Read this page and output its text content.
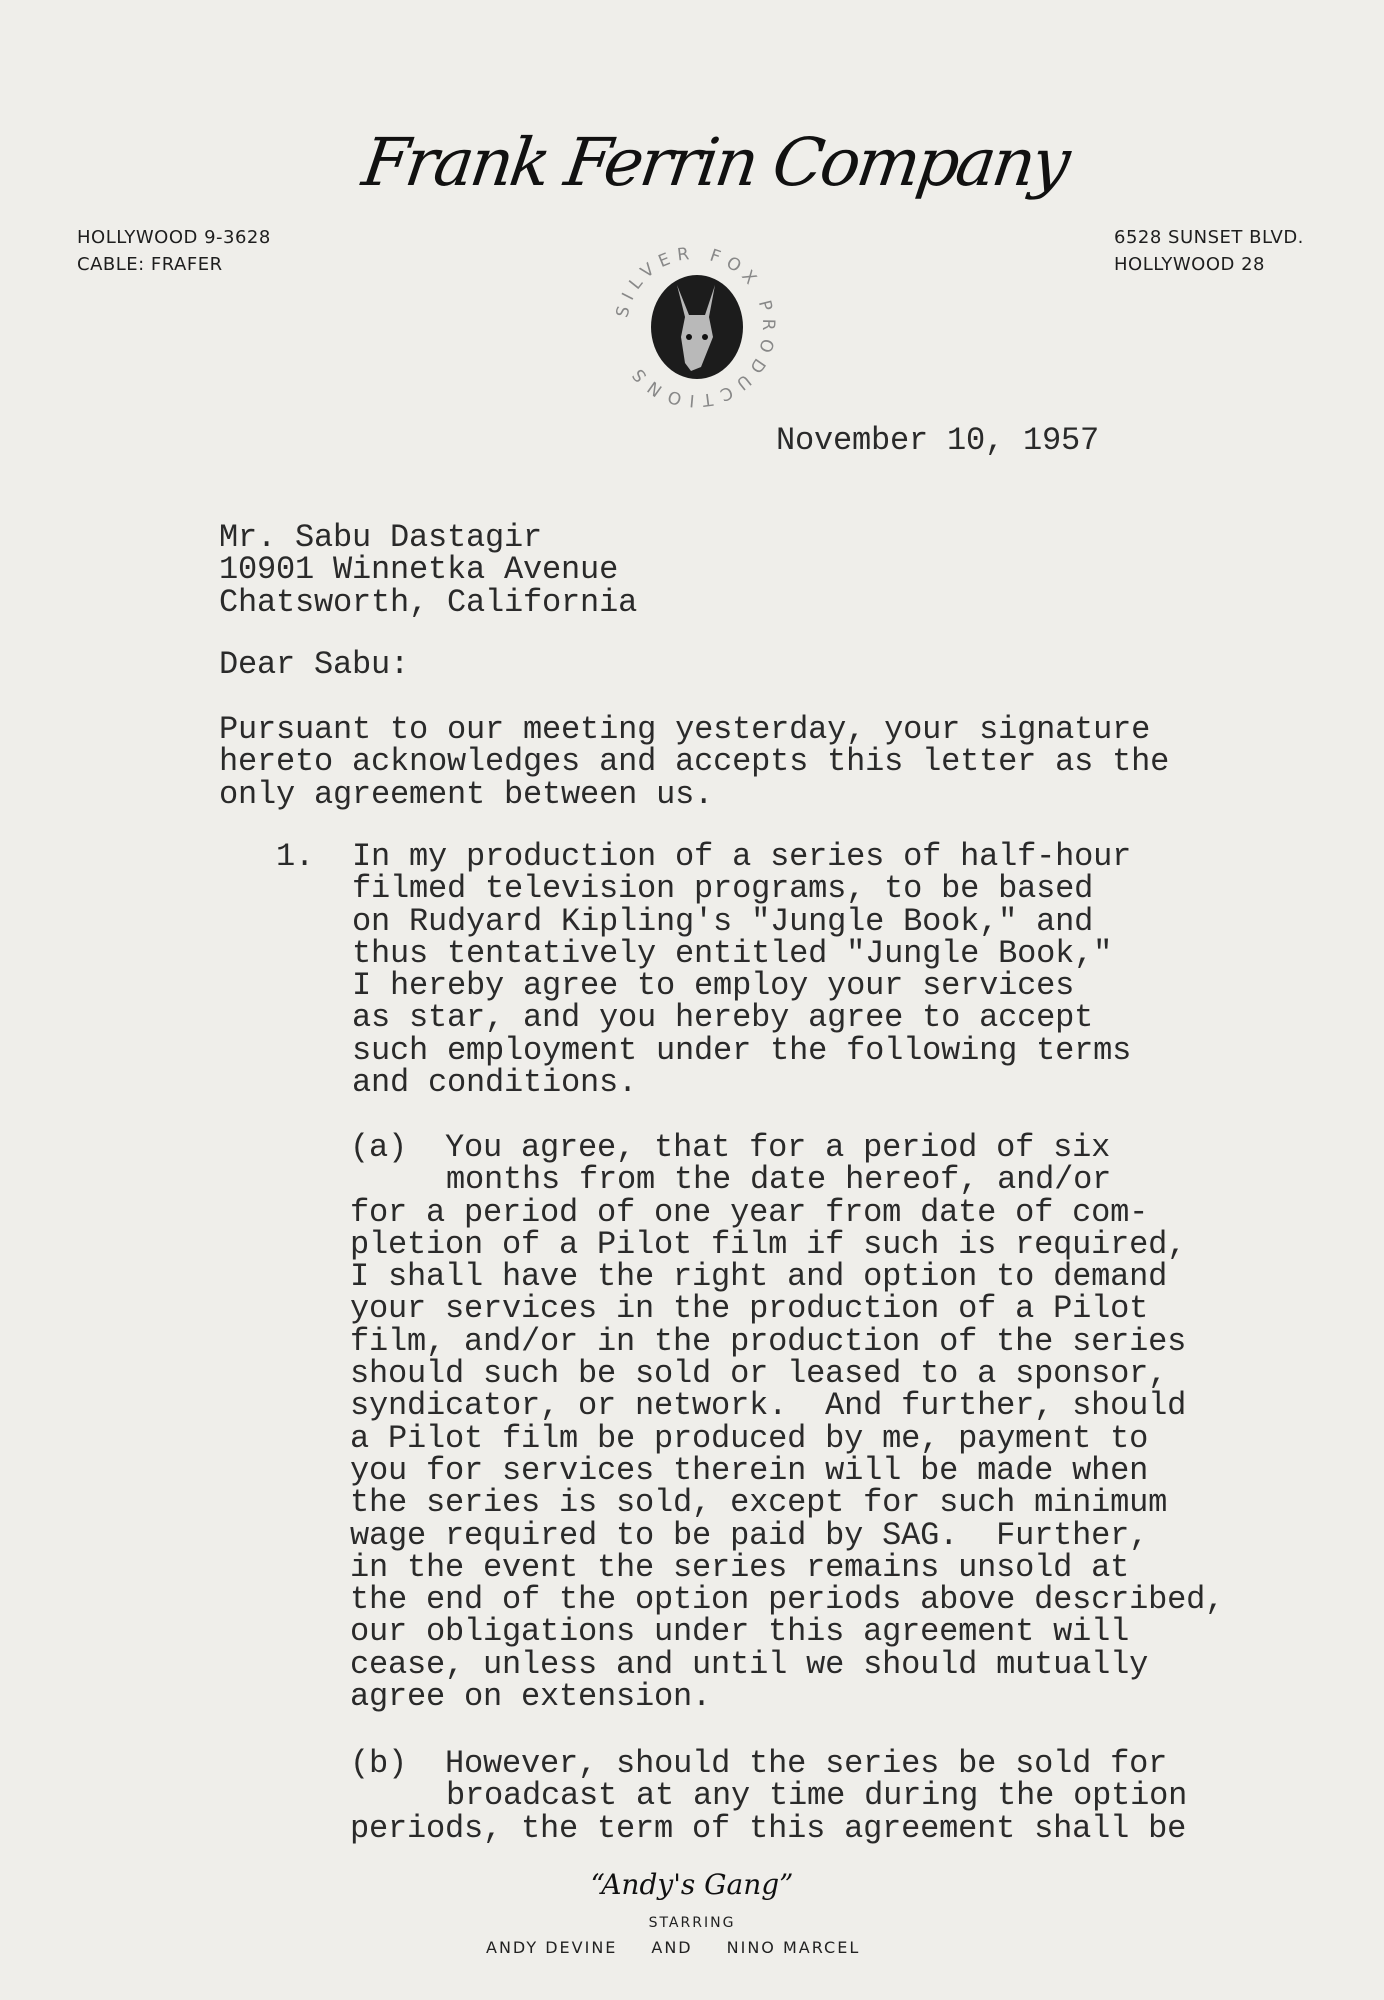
Frank Ferrin Company
HOLLYWOOD 9-3628
CABLE: FRAFER
6528 SUNSET BLVD.
HOLLYWOOD 28
SILVER FOX PRODUCTIONS
November 10, 1957
Mr. Sabu Dastagir
10901 Winnetka Avenue
Chatsworth, California
Dear Sabu:
Pursuant to our meeting yesterday, your signature
hereto acknowledges and accepts this letter as the
only agreement between us.
1. In my production of a series of half-hour
filmed television programs, to be based
on Rudyard Kipling's "Jungle Book," and
thus tentatively entitled "Jungle Book,"
I hereby agree to employ your services
as star, and you hereby agree to accept
such employment under the following terms
and conditions.
(a) You agree, that for a period of six
months from the date hereof, and/or
for a period of one year from date of com-
pletion of a Pilot film if such is required,
I shall have the right and option to demand
your services in the production of a Pilot
film, and/or in the production of the series
should such be sold or leased to a sponsor,
syndicator, or network.  And further, should
a Pilot film be produced by me, payment to
you for services therein will be made when
the series is sold, except for such minimum
wage required to be paid by SAG.  Further,
in the event the series remains unsold at
the end of the option periods above described,
our obligations under this agreement will
cease, unless and until we should mutually
agree on extension.
(b) However, should the series be sold for
broadcast at any time during the option
periods, the term of this agreement shall be
“Andy's Gang”
STARRING
ANDY DEVINE AND NINO MARCEL
